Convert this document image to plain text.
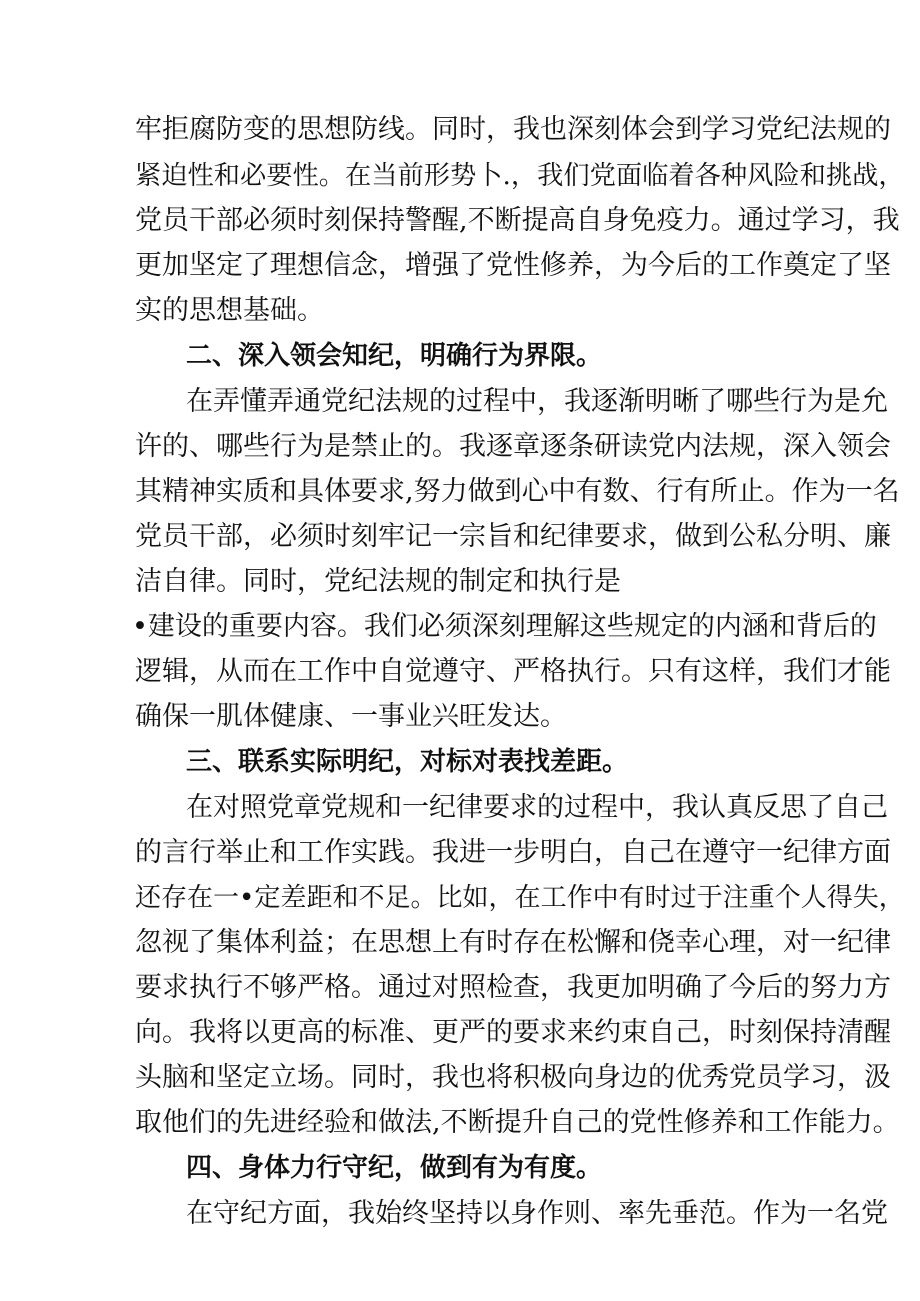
牢拒腐防变的思想防线。同时，我也深刻体会到学习党纪法规的
紧迫性和必要性。在当前形势卜.，我们党面临着各种风险和挑战，
党员干部必须时刻保持警醒,不断提高自身免疫力。通过学习，我
更加坚定了理想信念，增强了党性修养，为今后的工作奠定了坚
实的思想基础。
二、深入领会知纪，明确行为界限。
在弄懂弄通党纪法规的过程中，我逐渐明晰了哪些行为是允
许的、哪些行为是禁止的。我逐章逐条研读党内法规，深入领会
其精神实质和具体要求,努力做到心中有数、行有所止。作为一名
党员干部，必须时刻牢记一宗旨和纪律要求，做到公私分明、廉
洁自律。同时，党纪法规的制定和执行是
•建设的重要内容。我们必须深刻理解这些规定的内涵和背后的
逻辑，从而在工作中自觉遵守、严格执行。只有这样，我们才能
确保一肌体健康、一事业兴旺发达。
三、联系实际明纪，对标对表找差距。
在对照党章党规和一纪律要求的过程中，我认真反思了自己
的言行举止和工作实践。我进一步明白，自己在遵守一纪律方面
还存在一•定差距和不足。比如，在工作中有时过于注重个人得失，
忽视了集体利益；在思想上有时存在松懈和侥幸心理，对一纪律
要求执行不够严格。通过对照检查，我更加明确了今后的努力方
向。我将以更高的标准、更严的要求来约束自己，时刻保持清醒
头脑和坚定立场。同时，我也将积极向身边的优秀党员学习，汲
取他们的先进经验和做法,不断提升自己的党性修养和工作能力。
四、身体力行守纪，做到有为有度。
在守纪方面，我始终坚持以身作则、率先垂范。作为一名党
